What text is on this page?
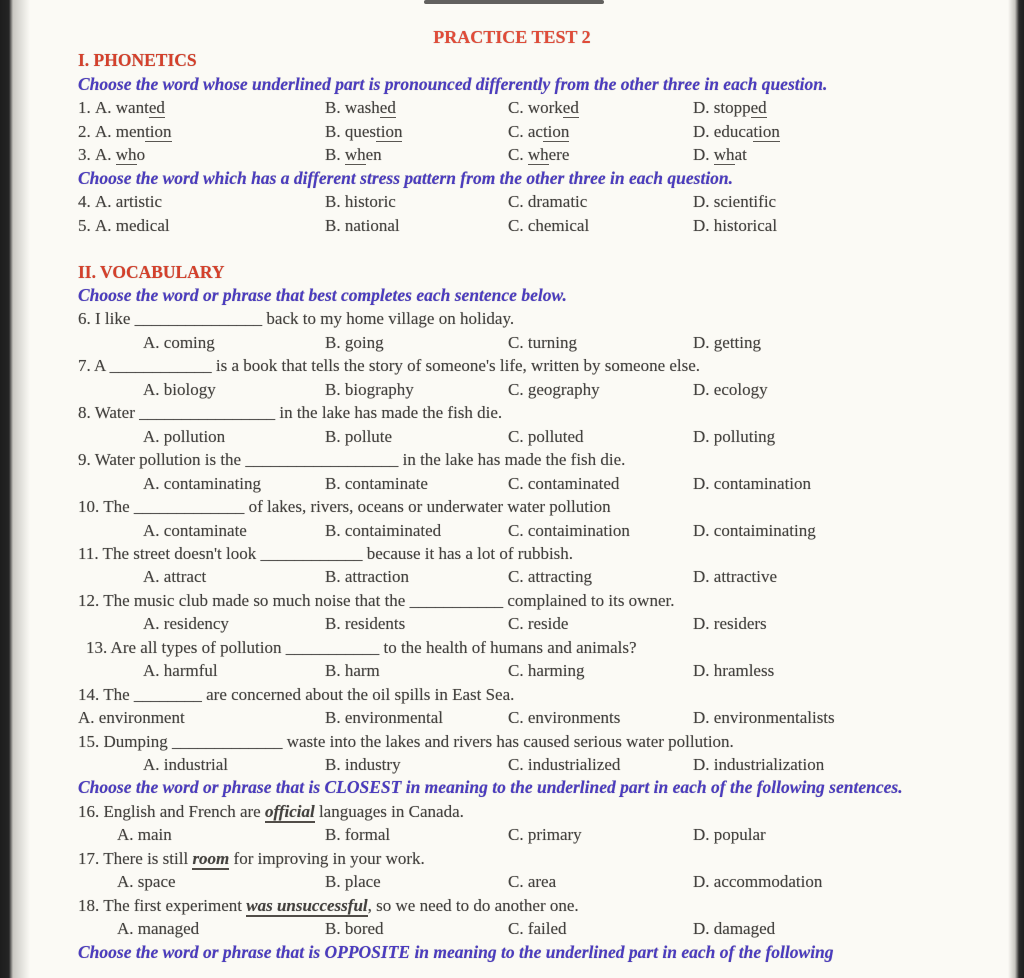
PRACTICE TEST 2
I. PHONETICS
Choose the word whose underlined part is pronounced differently from the other three in each question.
1. A. wanted	B. washed	C. worked	D. stopped
2. A. mention	B. question	C. action	D. education
3. A. who	B. when	C. where	D. what
Choose the word which has a different stress pattern from the other three in each question.
4. A. artistic	B. historic	C. dramatic	D. scientific
5. A. medical	B. national	C. chemical	D. historical
II. VOCABULARY
Choose the word or phrase that best completes each sentence below.
6. I like _______________ back to my home village on holiday.
A. coming	B. going	C. turning	D. getting
7. A ____________ is a book that tells the story of someone's life, written by someone else.
A. biology	B. biography	C. geography	D. ecology
8. Water ________________ in the lake has made the fish die.
A. pollution	B. pollute	C. polluted	D. polluting
9. Water pollution is the __________________ in the lake has made the fish die.
A. contaminating	B. contaminate	C. contaminated	D. contamination
10. The _____________ of lakes, rivers, oceans or underwater water pollution
A. contaminate	B. contaiminated	C. contaimination	D. contaiminating
11. The street doesn't look ____________ because it has a lot of rubbish.
A. attract	B. attraction	C. attracting	D. attractive
12. The music club made so much noise that the ___________ complained to its owner.
A. residency	B. residents	C. reside	D. residers
13. Are all types of pollution ___________ to the health of humans and animals?
A. harmful	B. harm	C. harming	D. hramless
14. The ________ are concerned about the oil spills in East Sea.
A. environment	B. environmental	C. environments	D. environmentalists
15. Dumping _____________ waste into the lakes and rivers has caused serious water pollution.
A. industrial	B. industry	C. industrialized	D. industrialization
Choose the word or phrase that is CLOSEST in meaning to the underlined part in each of the following sentences.
16. English and French are official languages in Canada.
A. main	B. formal	C. primary	D. popular
17. There is still room for improving in your work.
A. space	B. place	C. area	D. accommodation
18. The first experiment was unsuccessful, so we need to do another one.
A. managed	B. bored	C. failed	D. damaged
Choose the word or phrase that is OPPOSITE in meaning to the underlined part in each of the following
